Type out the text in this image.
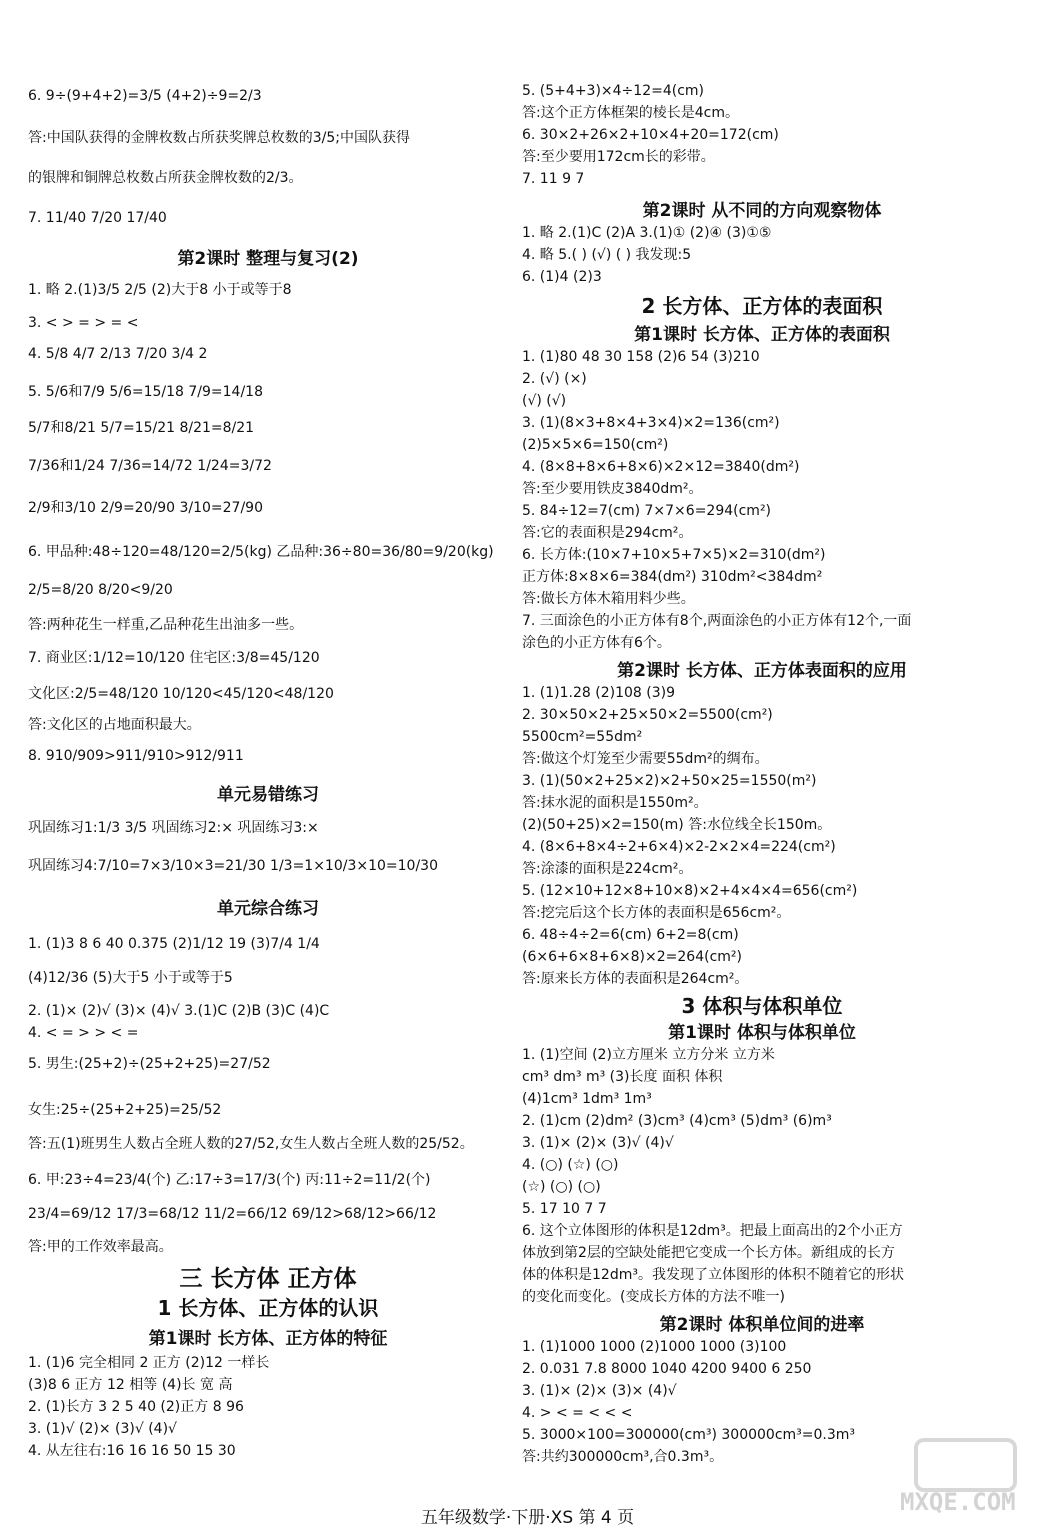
6. 9÷(9+4+2)=3/5 (4+2)÷9=2/3
答:中国队获得的金牌枚数占所获奖牌总枚数的3/5;中国队获得
的银牌和铜牌总枚数占所获金牌枚数的2/3。
7. 11/40 7/20 17/40
第2课时 整理与复习(2)
1. 略 2.(1)3/5 2/5 (2)大于8 小于或等于8
3. < > = > = <
4. 5/8 4/7 2/13 7/20 3/4 2
5. 5/6和7/9 5/6=15/18 7/9=14/18
5/7和8/21 5/7=15/21 8/21=8/21
7/36和1/24 7/36=14/72 1/24=3/72
2/9和3/10 2/9=20/90 3/10=27/90
6. 甲品种:48÷120=48/120=2/5(kg) 乙品种:36÷80=36/80=9/20(kg)
2/5=8/20 8/20<9/20
答:两种花生一样重,乙品种花生出油多一些。
7. 商业区:1/12=10/120 住宅区:3/8=45/120
文化区:2/5=48/120 10/120<45/120<48/120
答:文化区的占地面积最大。
8. 910/909>911/910>912/911
单元易错练习
巩固练习1:1/3 3/5 巩固练习2:× 巩固练习3:×
巩固练习4:7/10=7×3/10×3=21/30 1/3=1×10/3×10=10/30
单元综合练习
1. (1)3 8 6 40 0.375 (2)1/12 19 (3)7/4 1/4
(4)12/36 (5)大于5 小于或等于5
2. (1)× (2)√ (3)× (4)√ 3.(1)C (2)B (3)C (4)C
4. < = > > < =
5. 男生:(25+2)÷(25+2+25)=27/52
女生:25÷(25+2+25)=25/52
答:五(1)班男生人数占全班人数的27/52,女生人数占全班人数的25/52。
6. 甲:23÷4=23/4(个) 乙:17÷3=17/3(个) 丙:11÷2=11/2(个)
23/4=69/12 17/3=68/12 11/2=66/12 69/12>68/12>66/12
答:甲的工作效率最高。
三 长方体 正方体
1 长方体、正方体的认识
第1课时 长方体、正方体的特征
1. (1)6 完全相同 2 正方 (2)12 一样长
(3)8 6 正方 12 相等 (4)长 宽 高
2. (1)长方 3 2 5 40 (2)正方 8 96
3. (1)√ (2)× (3)√ (4)√
4. 从左往右:16 16 16 50 15 30
5. (5+4+3)×4÷12=4(cm)
答:这个正方体框架的棱长是4cm。
6. 30×2+26×2+10×4+20=172(cm)
答:至少要用172cm长的彩带。
7. 11 9 7
第2课时 从不同的方向观察物体
1. 略 2.(1)C (2)A 3.(1)① (2)④ (3)①⑤
4. 略 5.( ) (√) ( ) 我发现:5
6. (1)4 (2)3
2 长方体、正方体的表面积
第1课时 长方体、正方体的表面积
1. (1)80 48 30 158 (2)6 54 (3)210
2. (√) (×)
(√) (√)
3. (1)(8×3+8×4+3×4)×2=136(cm²)
(2)5×5×6=150(cm²)
4. (8×8+8×6+8×6)×2×12=3840(dm²)
答:至少要用铁皮3840dm²。
5. 84÷12=7(cm) 7×7×6=294(cm²)
答:它的表面积是294cm²。
6. 长方体:(10×7+10×5+7×5)×2=310(dm²)
正方体:8×8×6=384(dm²) 310dm²<384dm²
答:做长方体木箱用料少些。
7. 三面涂色的小正方体有8个,两面涂色的小正方体有12个,一面
涂色的小正方体有6个。
第2课时 长方体、正方体表面积的应用
1. (1)1.28 (2)108 (3)9
2. 30×50×2+25×50×2=5500(cm²)
5500cm²=55dm²
答:做这个灯笼至少需要55dm²的绸布。
3. (1)(50×2+25×2)×2+50×25=1550(m²)
答:抹水泥的面积是1550m²。
(2)(50+25)×2=150(m) 答:水位线全长150m。
4. (8×6+8×4÷2+6×4)×2-2×2×4=224(cm²)
答:涂漆的面积是224cm²。
5. (12×10+12×8+10×8)×2+4×4×4=656(cm²)
答:挖完后这个长方体的表面积是656cm²。
6. 48÷4÷2=6(cm) 6+2=8(cm)
(6×6+6×8+6×8)×2=264(cm²)
答:原来长方体的表面积是264cm²。
3 体积与体积单位
第1课时 体积与体积单位
1. (1)空间 (2)立方厘米 立方分米 立方米
cm³ dm³ m³ (3)长度 面积 体积
(4)1cm³ 1dm³ 1m³
2. (1)cm (2)dm² (3)cm³ (4)cm³ (5)dm³ (6)m³
3. (1)× (2)× (3)√ (4)√
4. (○) (☆) (○)
(☆) (○) (○)
5. 17 10 7 7
6. 这个立体图形的体积是12dm³。把最上面高出的2个小正方
体放到第2层的空缺处能把它变成一个长方体。新组成的长方
体的体积是12dm³。我发现了立体图形的体积不随着它的形状
的变化而变化。(变成长方体的方法不唯一)
第2课时 体积单位间的进率
1. (1)1000 1000 (2)1000 1000 (3)100
2. 0.031 7.8 8000 1040 4200 9400 6 250
3. (1)× (2)× (3)× (4)√
4. > < = < < <
5. 3000×100=300000(cm³) 300000cm³=0.3m³
答:共约300000cm³,合0.3m³。
五年级数学·下册·XS 第 4 页
MXQE.COM
